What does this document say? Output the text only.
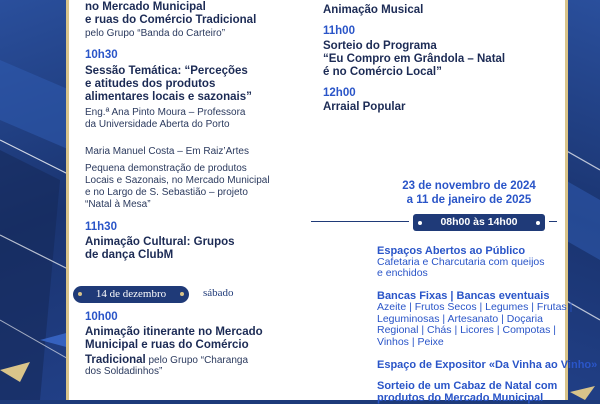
no Mercado Municipal
e ruas do Comércio Tradicional
pelo Grupo “Banda do Carteiro”
10h30
Sessão Temática: “Perceções
e atitudes dos produtos
alimentares locais e sazonais”
Eng.ª Ana Pinto Moura – Professora
da Universidade Aberta do Porto
Maria Manuel Costa – Em Raiz’Artes
Pequena demonstração de produtos
Locais e Sazonais, no Mercado Municipal
e no Largo de S. Sebastião – projeto
“Natal à Mesa”
11h30
Animação Cultural: Grupos
de dança ClubM
14 de dezembro	sábado
10h00
Animação itinerante no Mercado
Municipal e ruas do Comércio
Tradicional pelo Grupo “Charanga
dos Soldadinhos”
Animação Musical
11h00
Sorteio do Programa
“Eu Compro em Grândola – Natal
é no Comércio Local”
12h00
Arraial Popular
23 de novembro de 2024
a 11 de janeiro de 2025
08h00 às 14h00
Espaços Abertos ao Público
Cafetaria e Charcutaria com queijos
e enchidos
Bancas Fixas | Bancas eventuais
Azeite | Frutos Secos | Legumes | Frutas |
Leguminosas | Artesanato | Doçaria
Regional | Chás | Licores | Compotas |
Vinhos | Peixe
Espaço de Expositor «Da Vinha ao Vinho»
Sorteio de um Cabaz de Natal com
produtos do Mercado Municipal
